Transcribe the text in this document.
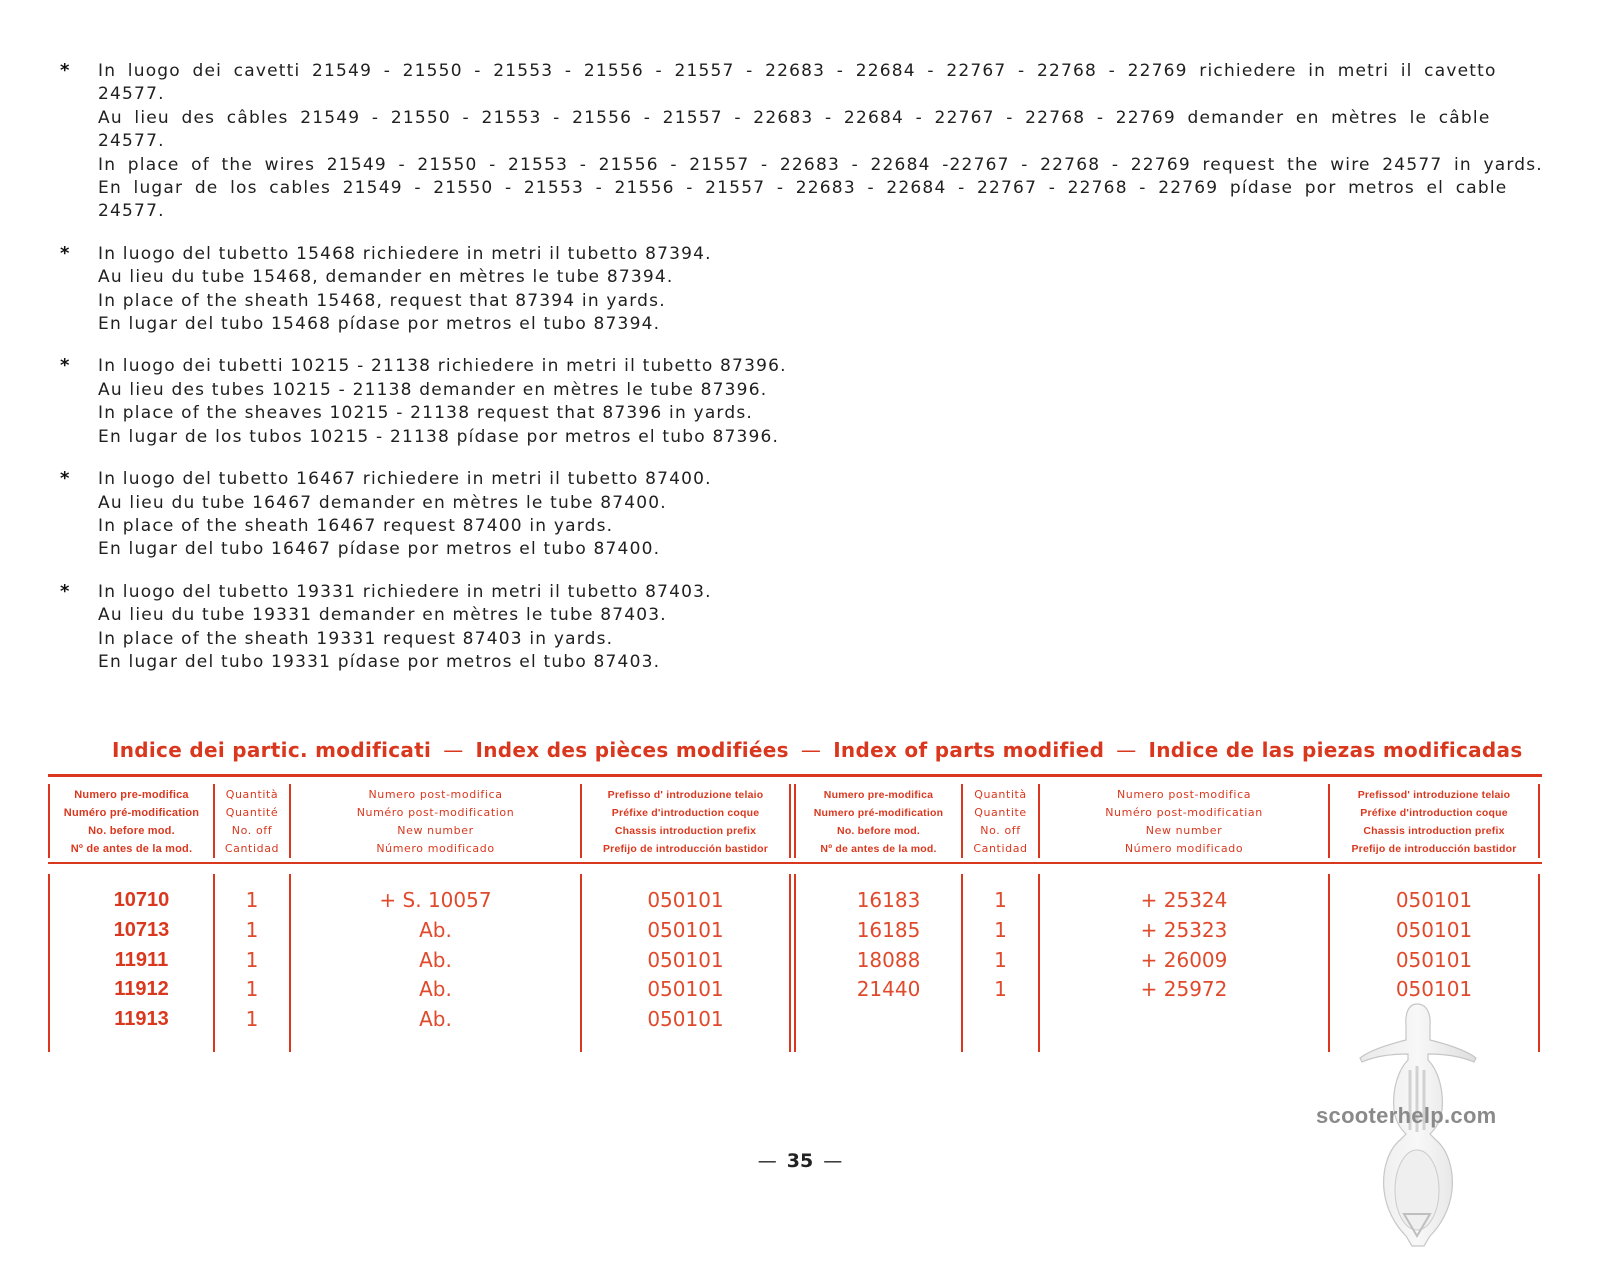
* In luogo dei cavetti 21549 - 21550 - 21553 - 21556 - 21557 - 22683 - 22684 - 22767 - 22768 - 22769 richiedere in metri il cavetto 24577.
Au lieu des câbles 21549 - 21550 - 21553 - 21556 - 21557 - 22683 - 22684 - 22767 - 22768 - 22769 demander en mètres le câble 24577.
In place of the wires 21549 - 21550 - 21553 - 21556 - 21557 - 22683 - 22684 -22767 - 22768 - 22769 request the wire 24577 in yards.
En lugar de los cables 21549 - 21550 - 21553 - 21556 - 21557 - 22683 - 22684 - 22767 - 22768 - 22769 pídase por metros el cable
24577.
* In luogo del tubetto 15468 richiedere in metri il tubetto 87394.
Au lieu du tube 15468, demander en mètres le tube 87394.
In place of the sheath 15468, request that 87394 in yards.
En lugar del tubo 15468 pídase por metros el tubo 87394.
* In luogo dei tubetti 10215 - 21138 richiedere in metri il tubetto 87396.
Au lieu des tubes 10215 - 21138 demander en mètres le tube 87396.
In place of the sheaves 10215 - 21138 request that 87396 in yards.
En lugar de los tubos 10215 - 21138 pídase por metros el tubo 87396.
* In luogo del tubetto 16467 richiedere in metri il tubetto 87400.
Au lieu du tube 16467 demander en mètres le tube 87400.
In place of the sheath 16467 request 87400 in yards.
En lugar del tubo 16467 pídase por metros el tubo 87400.
* In luogo del tubetto 19331 richiedere in metri il tubetto 87403.
Au lieu du tube 19331 demander en mètres le tube 87403.
In place of the sheath 19331 request 87403 in yards.
En lugar del tubo 19331 pídase por metros el tubo 87403.
Indice dei partic. modificati — Index des pièces modifiées — Index of parts modified — Indice de las piezas modificadas
Numero pre-modifica
Numéro pré-modification
No. before mod.
Nº de antes de la mod.
Quantità
Quantité
No. off
Cantidad
Numero post-modifica
Numéro post-modification
New number
Número modificado
Prefisso d' introduzione telaio
Préfixe d'introduction coque
Chassis introduction prefix
Prefijo de introducción bastidor
Numero pre-modifica
Numero pré-modification
No. before mod.
Nº de antes de la mod.
Quantità
Quantite
No. off
Cantidad
Numero post-modifica
Numéro post-modificatian
New number
Número modificado
Prefissod' introduzione telaio
Préfixe d'introduction coque
Chassis introduction prefix
Prefijo de introducción bastidor
10710
10713
11911
11912
11913
1
1
1
1
1
+ S. 10057
Ab.
Ab.
Ab.
Ab.
050101
050101
050101
050101
050101
16183
16185
18088
21440
1
1
1
1
+ 25324
+ 25323
+ 26009
+ 25972
050101
050101
050101
050101
scooterhelp.com
— 35 —
